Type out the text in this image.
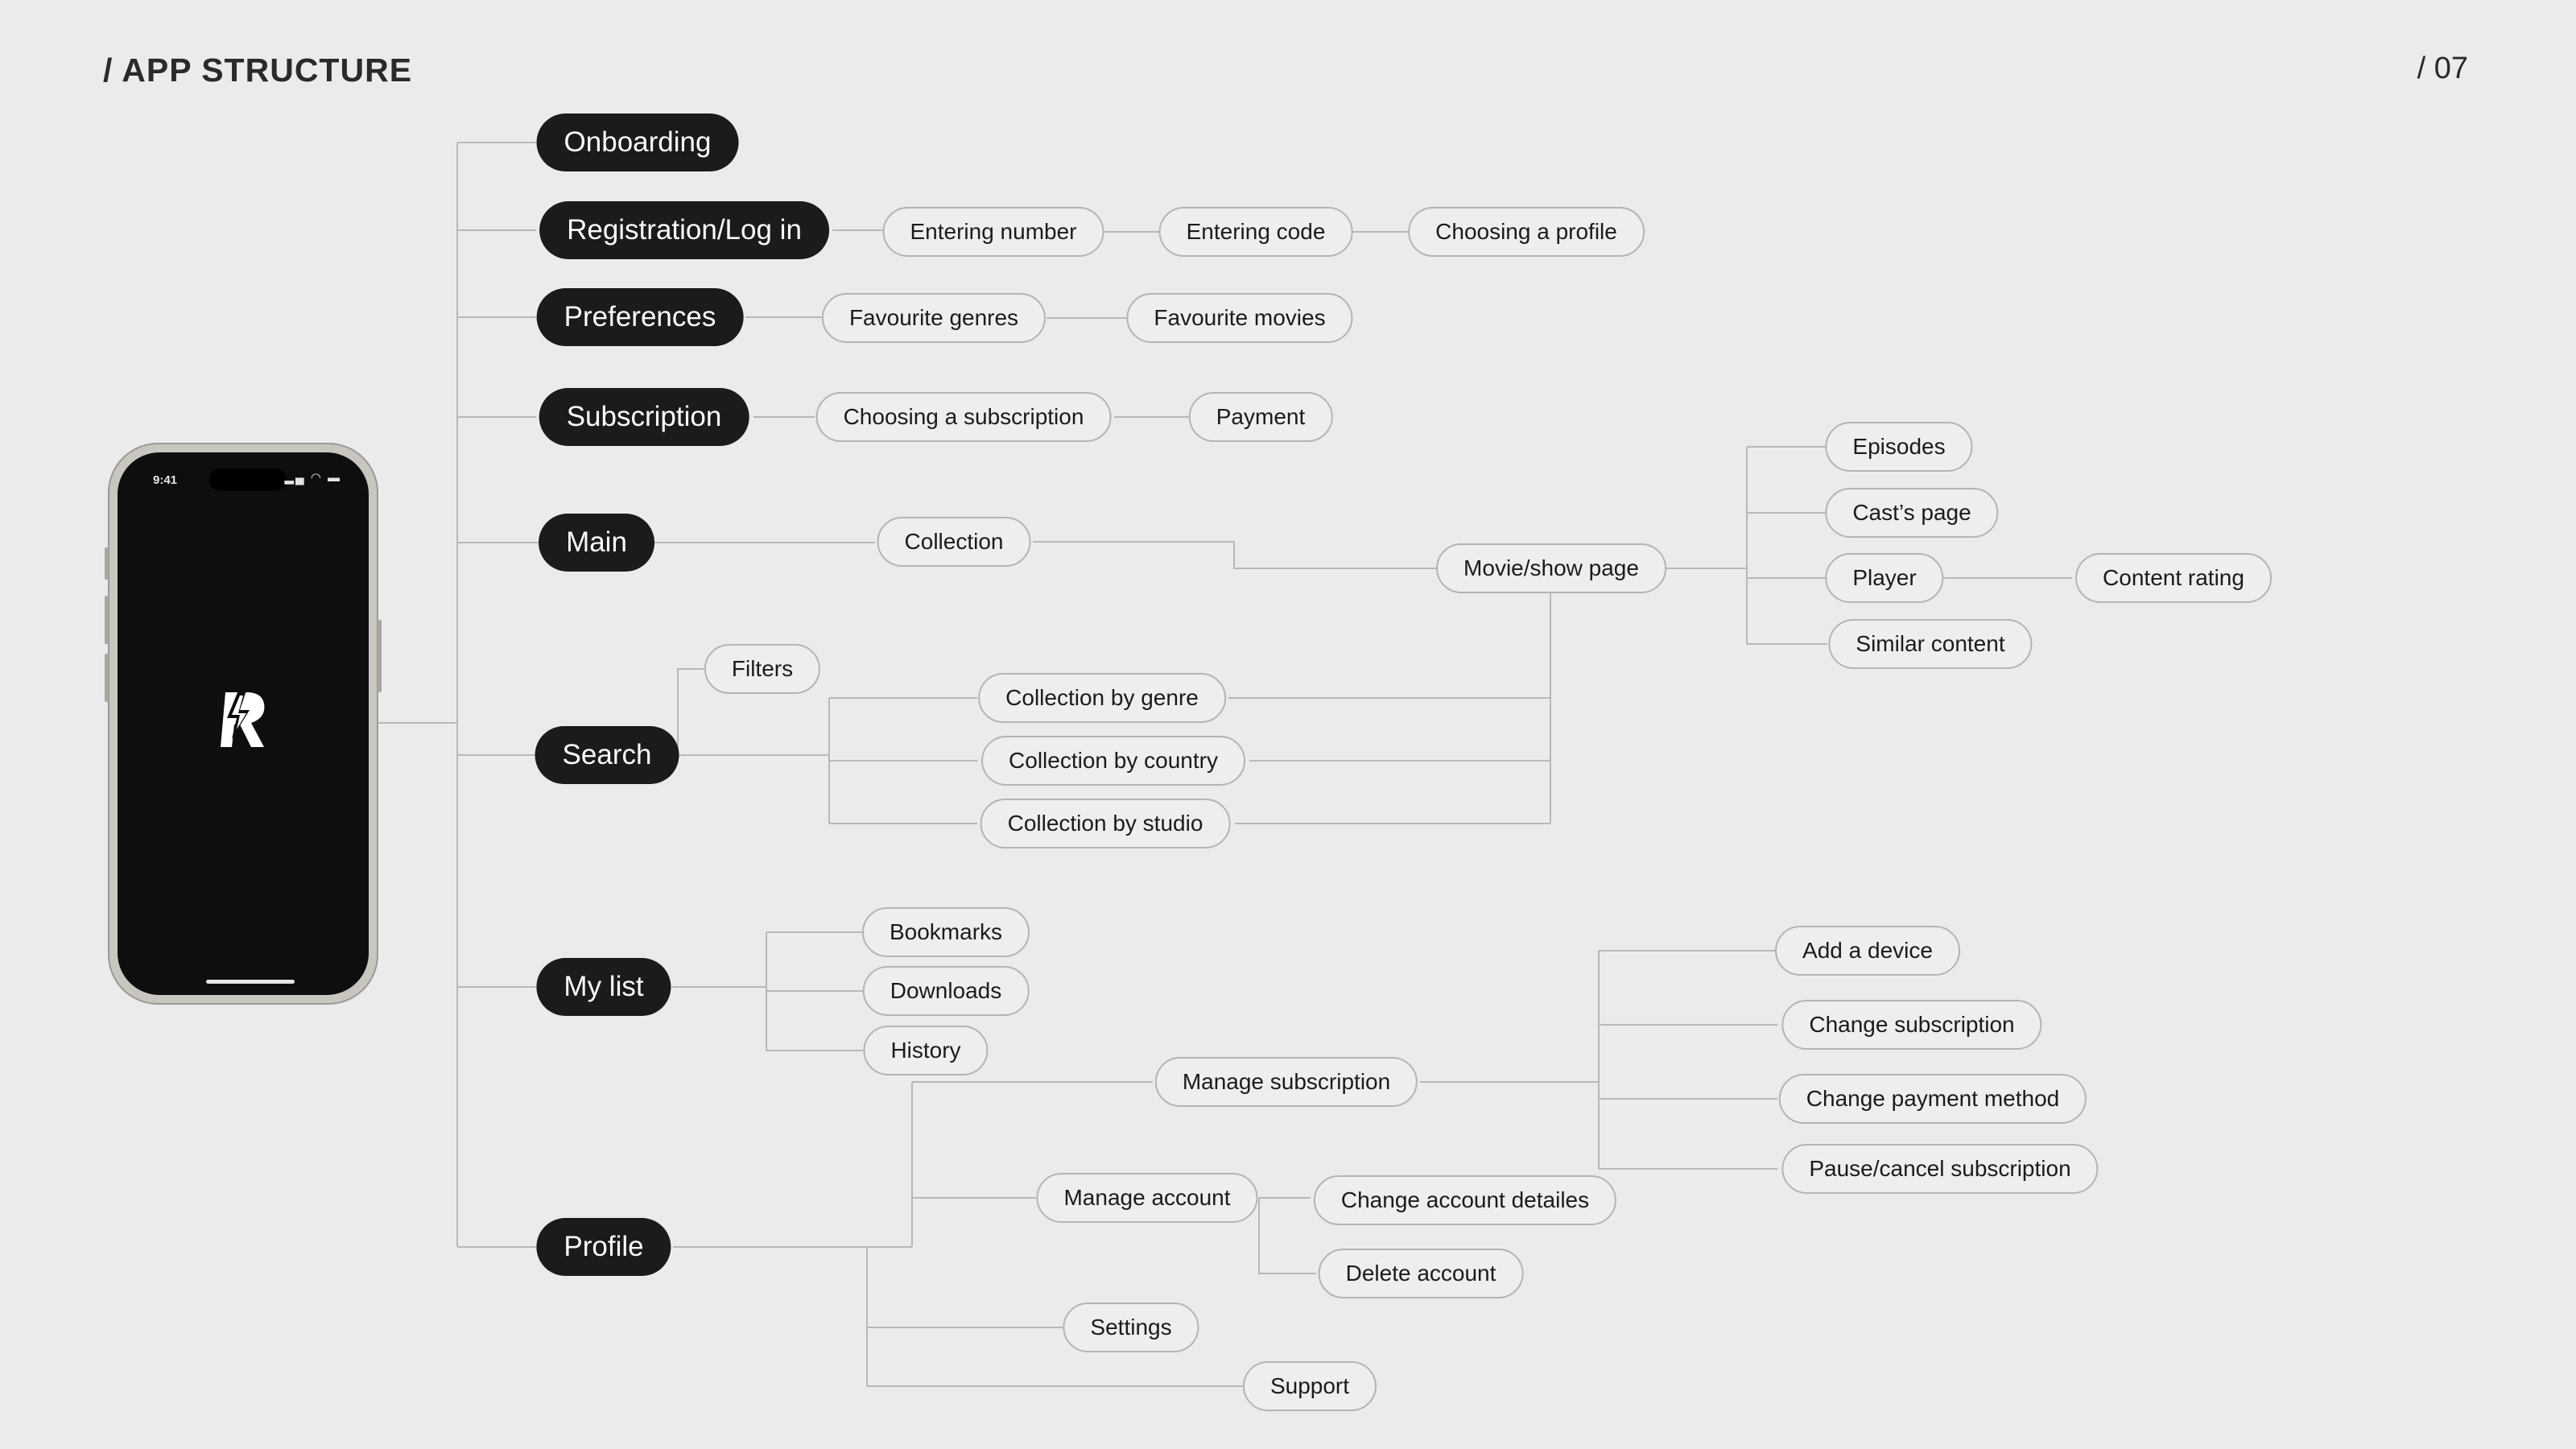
/ APP STRUCTURE	/ 07
9:41	▂▄ ◠ ▬
Onboarding
Registration/Log in
Preferences
Subscription
Main
Search
My list
Profile
Entering number	Entering code	Choosing a profile
Favourite genres	Favourite movies
Choosing a subscription	Payment
Collection
Movie/show page
Episodes
Cast’s page
Player	Content rating
Similar content
Filters
Collection by genre
Collection by country
Collection by studio
Bookmarks
Downloads
History
Manage subscription
Add a device
Change subscription
Change payment method
Pause/cancel subscription
Manage account	Change account detailes
Delete account
Settings
Support
